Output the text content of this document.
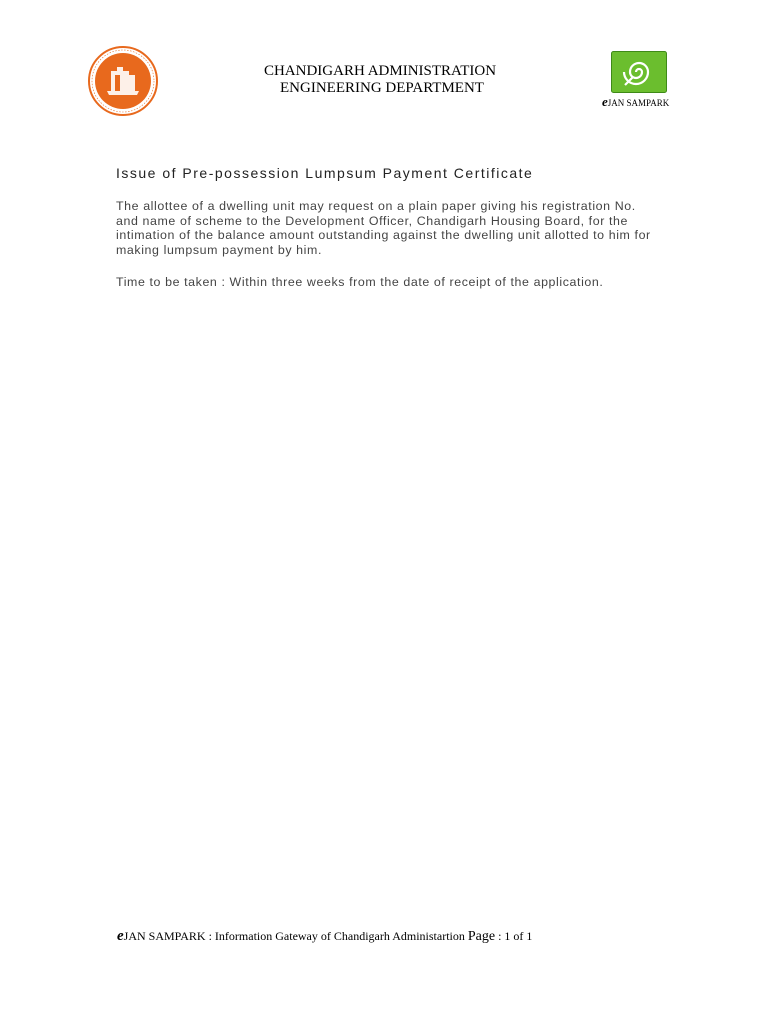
CHANDIGARH ADMINISTRATION
ENGINEERING DEPARTMENT
eJAN SAMPARK
Issue of Pre-possession Lumpsum Payment Certificate

The allottee of a dwelling unit may request on a plain paper giving his registration No. and name of scheme to the Development Officer, Chandigarh Housing Board, for the intimation of the balance amount outstanding against the dwelling unit allotted to him for making lumpsum payment by him.

Time to be taken : Within three weeks from the date of receipt of the application.

eJAN SAMPARK : Information Gateway of Chandigarh Administartion Page : 1 of 1
